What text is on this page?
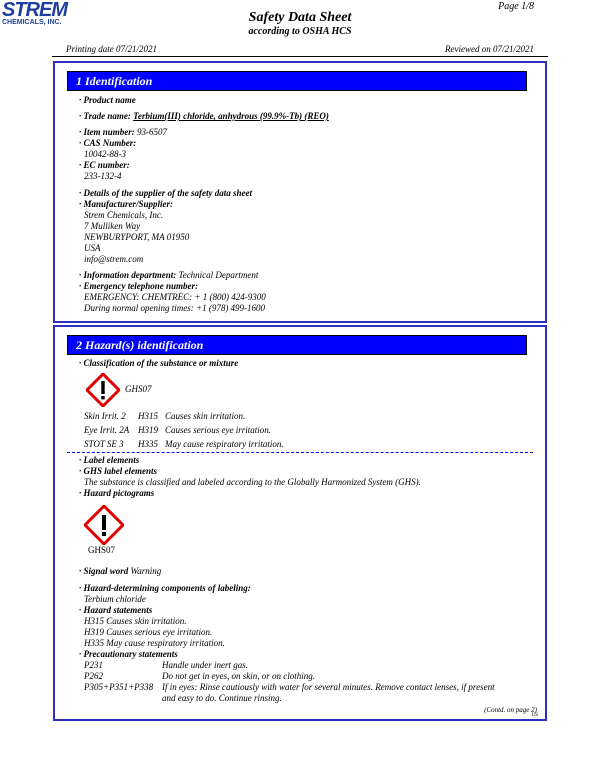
STREM
CHEMICALS, INC.
Page 1/8
Safety Data Sheet
according to OSHA HCS
Printing date 07/21/2021	Reviewed on 07/21/2021
1 Identification
· Product name
· Trade name: Terbium(III) chloride, anhydrous (99.9%-Tb) (REO)
· Item number: 93-6507
· CAS Number:
10042-88-3
· EC number:
233-132-4
· Details of the supplier of the safety data sheet
· Manufacturer/Supplier:
Strem Chemicals, Inc.
7 Mulliken Way
NEWBURYPORT, MA 01950
USA
info@strem.com
· Information department: Technical Department
· Emergency telephone number:
EMERGENCY: CHEMTREC: + 1 (800) 424-9300
During normal opening times: +1 (978) 499-1600
2 Hazard(s) identification
· Classification of the substance or mixture
GHS07
Skin Irrit. 2 H315 Causes skin irritation.
Eye Irrit. 2A H319 Causes serious eye irritation.
STOT SE 3 H335 May cause respiratory irritation.
· Label elements
· GHS label elements
The substance is classified and labeled according to the Globally Harmonized System (GHS).
· Hazard pictograms
GHS07
· Signal word Warning
· Hazard-determining components of labeling:
Terbium chloride
· Hazard statements
H315 Causes skin irritation.
H319 Causes serious eye irritation.
H335 May cause respiratory irritation.
· Precautionary statements
P231	Handle under inert gas.
P262	Do not get in eyes, on skin, or on clothing.
P305+P351+P338 If in eyes: Rinse cautiously with water for several minutes. Remove contact lenses, if present
and easy to do. Continue rinsing.
(Contd. on page 2)
US
